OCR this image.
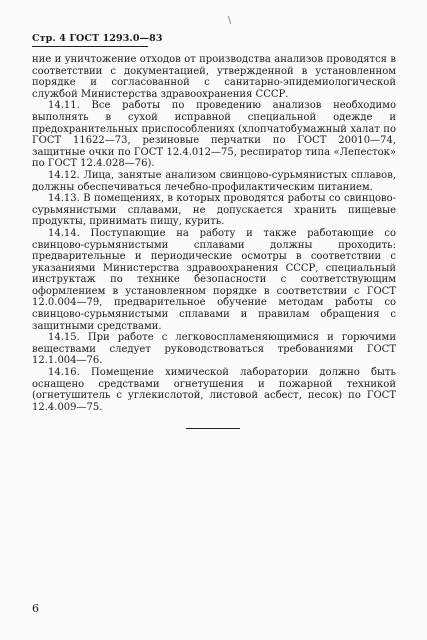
\
Стр. 4 ГОСТ 1293.0—83

ние и уничтожение отходов от производства анализов проводятся в соответствии с документацией, утвержденной в установленном порядке и согласованной с санитарно-эпидемиологической службой Министерства здравоохранения СССР.

14.11. Все работы по проведению анализов необходимо выполнять в сухой исправной специальной одежде и предохранительных приспособлениях (хлопчатобумажный халат по ГОСТ 11622—73, резиновые перчатки по ГОСТ 20010—74, защитные очки по ГОСТ 12.4.012—75, респиратор типа «Лепесток» по ГОСТ 12.4.028—76).

14.12. Лица, занятые анализом свинцово-сурьмянистых сплавов, должны обеспечиваться лечебно-профилактическим питанием.

14.13. В помещениях, в которых проводятся работы со свинцово-сурьмянистыми сплавами, не допускается хранить пищевые продукты, принимать пищу, курить.

14.14. Поступающие на работу и также работающие со свинцово-сурьмянистыми сплавами должны проходить: предварительные и периодические осмотры в соответствии с указаниями Министерства здравоохранения СССР, специальный инструктаж по технике безопасности с соответствующим оформлением в установленном порядке в соответствии с ГОСТ 12.0.004—79, предварительное обучение методам работы со свинцово-сурьмянистыми сплавами и правилам обращения с защитными средствами.

14.15. При работе с легковоспламеняющимися и горючими веществами следует руководствоваться требованиями ГОСТ 12.1.004—76.

14.16. Помещение химической лаборатории должно быть оснащено средствами огнетушения и пожарной техникой (огнетушитель с углекислотой, листовой асбест, песок) по ГОСТ 12.4.009—75.

6
